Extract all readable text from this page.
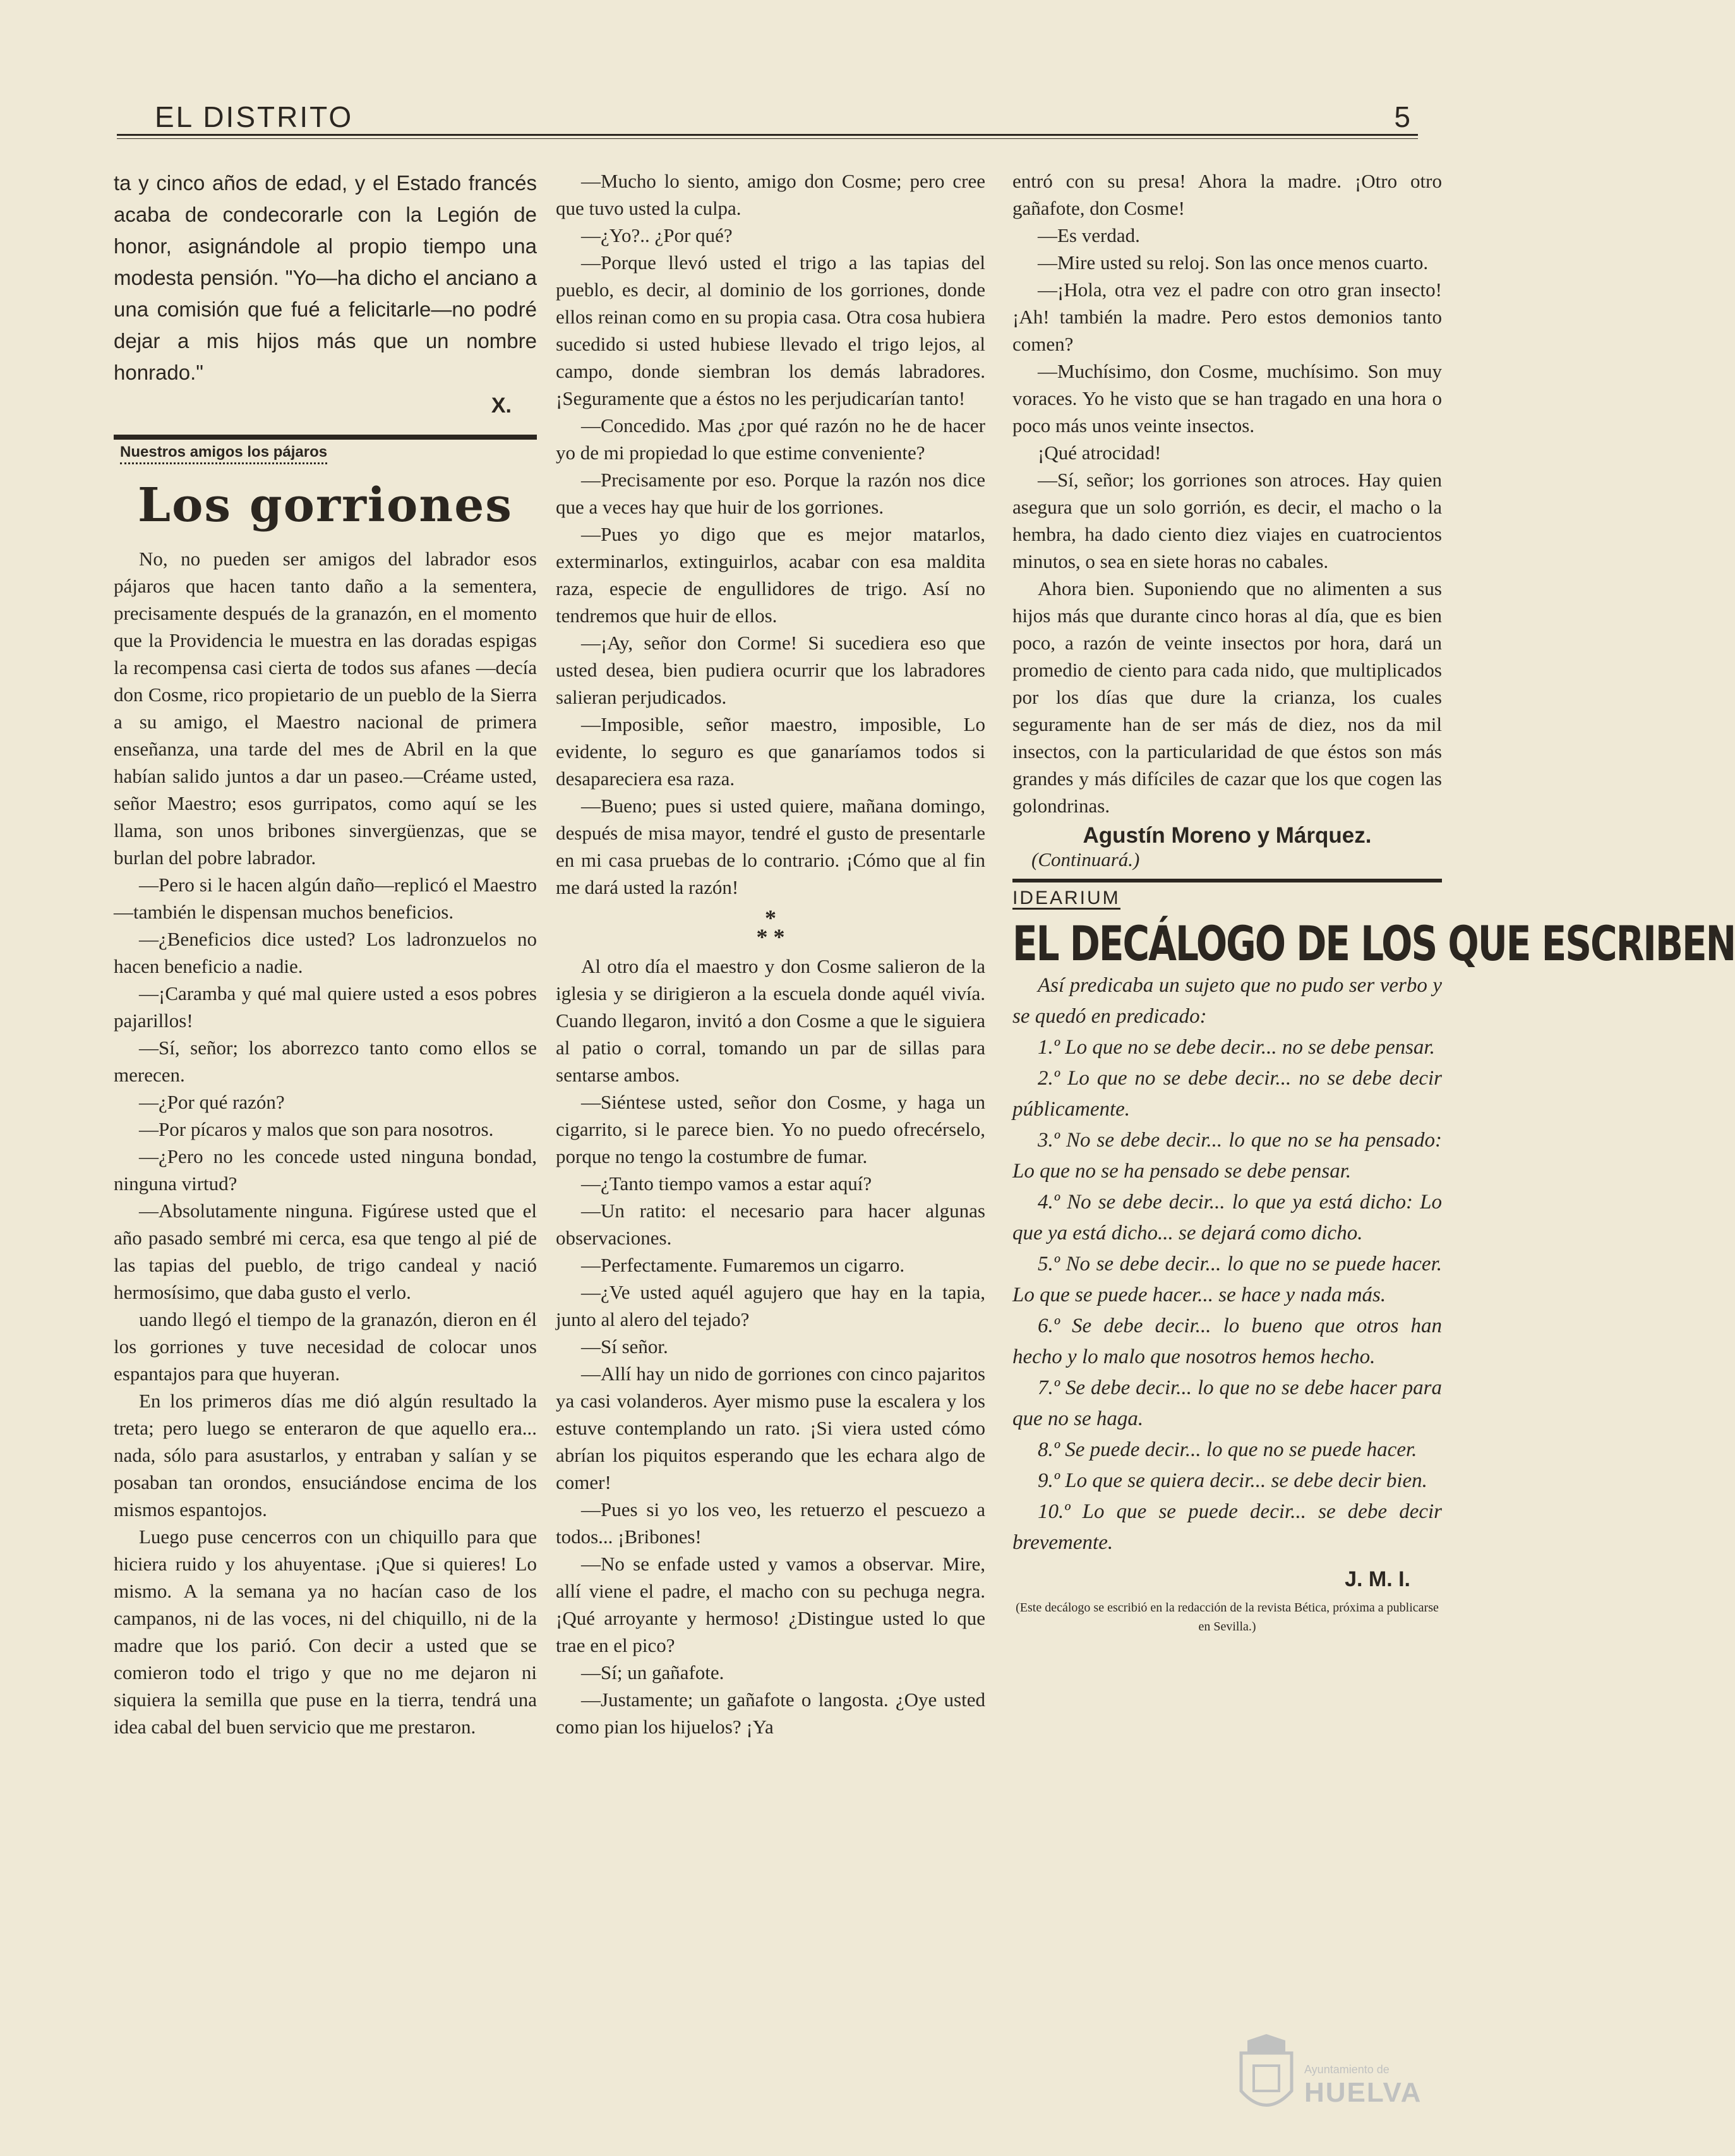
EL DISTRITO	5

ta y cinco años de edad, y el Estado francés acaba de condecorarle con la Legión de honor, asignándole al propio tiempo una modesta pensión. "Yo—ha dicho el anciano a una comisión que fué a felicitarle—no podré dejar a mis hijos más que un nombre honrado."

X.
Nuestros amigos los pájaros
Los gorriones

No, no pueden ser amigos del labrador esos pájaros que hacen tanto daño a la sementera, precisamente después de la granazón, en el momento que la Providencia le muestra en las doradas espigas la recompensa casi cierta de todos sus afanes —decía don Cosme, rico propietario de un pueblo de la Sierra a su amigo, el Maestro nacional de primera enseñanza, una tarde del mes de Abril en la que habían salido juntos a dar un paseo.—Créame usted, señor Maestro; esos gurripatos, como aquí se les llama, son unos bribones sinvergüenzas, que se burlan del pobre labrador.

—Pero si le hacen algún daño—replicó el Maestro—también le dispensan muchos beneficios.

—¿Beneficios dice usted? Los ladronzuelos no hacen beneficio a nadie.

—¡Caramba y qué mal quiere usted a esos pobres pajarillos!

—Sí, señor; los aborrezco tanto como ellos se merecen.

—¿Por qué razón?

—Por pícaros y malos que son para nosotros.

—¿Pero no les concede usted ninguna bondad, ninguna virtud?

—Absolutamente ninguna. Figúrese usted que el año pasado sembré mi cerca, esa que tengo al pié de las tapias del pueblo, de trigo candeal y nació hermosísimo, que daba gusto el verlo.

uando llegó el tiempo de la granazón, dieron en él los gorriones y tuve necesidad de colocar unos espantajos para que huyeran.

En los primeros días me dió algún resultado la treta; pero luego se enteraron de que aquello era... nada, sólo para asustarlos, y entraban y salían y se posaban tan orondos, ensuciándose encima de los mismos espantojos.

Luego puse cencerros con un chiquillo para que hiciera ruido y los ahuyentase. ¡Que si quieres! Lo mismo. A la semana ya no hacían caso de los campanos, ni de las voces, ni del chiquillo, ni de la madre que los parió. Con decir a usted que se comieron todo el trigo y que no me dejaron ni siquiera la semilla que puse en la tierra, tendrá una idea cabal del buen servicio que me prestaron.

—Mucho lo siento, amigo don Cosme; pero cree que tuvo usted la culpa.

—¿Yo?.. ¿Por qué?

—Porque llevó usted el trigo a las tapias del pueblo, es decir, al dominio de los gorriones, donde ellos reinan como en su propia casa. Otra cosa hubiera sucedido si usted hubiese llevado el trigo lejos, al campo, donde siembran los demás labradores. ¡Seguramente que a éstos no les perjudicarían tanto!

—Concedido. Mas ¿por qué razón no he de hacer yo de mi propiedad lo que estime conveniente?

—Precisamente por eso. Porque la razón nos dice que a veces hay que huir de los gorriones.

—Pues yo digo que es mejor matarlos, exterminarlos, extinguirlos, acabar con esa maldita raza, especie de engullidores de trigo. Así no tendremos que huir de ellos.

—¡Ay, señor don Corme! Si sucediera eso que usted desea, bien pudiera ocurrir que los labradores salieran perjudicados.

—Imposible, señor maestro, imposible, Lo evidente, lo seguro es que ganaríamos todos si desapareciera esa raza.

—Bueno; pues si usted quiere, mañana domingo, después de misa mayor, tendré el gusto de presentarle en mi casa pruebas de lo contrario. ¡Cómo que al fin me dará usted la razón!

*
* *

Al otro día el maestro y don Cosme salieron de la iglesia y se dirigieron a la escuela donde aquél vivía. Cuando llegaron, invitó a don Cosme a que le siguiera al patio o corral, tomando un par de sillas para sentarse ambos.

—Siéntese usted, señor don Cosme, y haga un cigarrito, si le parece bien. Yo no puedo ofrecérselo, porque no tengo la costumbre de fumar.

—¿Tanto tiempo vamos a estar aquí?

—Un ratito: el necesario para hacer algunas observaciones.

—Perfectamente. Fumaremos un cigarro.

—¿Ve usted aquél agujero que hay en la tapia, junto al alero del tejado?

—Sí señor.

—Allí hay un nido de gorriones con cinco pajaritos ya casi volanderos. Ayer mismo puse la escalera y los estuve contemplando un rato. ¡Si viera usted cómo abrían los piquitos esperando que les echara algo de comer!

—Pues si yo los veo, les retuerzo el pescuezo a todos... ¡Bribones!

—No se enfade usted y vamos a observar. Mire, allí viene el padre, el macho con su pechuga negra. ¡Qué arroyante y hermoso! ¿Distingue usted lo que trae en el pico?

—Sí; un gañafote.

—Justamente; un gañafote o langosta. ¿Oye usted como pian los hijuelos? ¡Ya

entró con su presa! Ahora la madre. ¡Otro otro gañafote, don Cosme!

—Es verdad.

—Mire usted su reloj. Son las once menos cuarto.

—¡Hola, otra vez el padre con otro gran insecto! ¡Ah! también la madre. Pero estos demonios tanto comen?

—Muchísimo, don Cosme, muchísimo. Son muy voraces. Yo he visto que se han tragado en una hora o poco más unos veinte insectos.

¡Qué atrocidad!

—Sí, señor; los gorriones son atroces. Hay quien asegura que un solo gorrión, es decir, el macho o la hembra, ha dado ciento diez viajes en cuatrocientos minutos, o sea en siete horas no cabales.

Ahora bien. Suponiendo que no alimenten a sus hijos más que durante cinco horas al día, que es bien poco, a razón de veinte insectos por hora, dará un promedio de ciento para cada nido, que multiplicados por los días que dure la crianza, los cuales seguramente han de ser más de diez, nos da mil insectos, con la particularidad de que éstos son más grandes y más difíciles de cazar que los que cogen las golondrinas.

Agustín Moreno y Márquez.
(Continuará.)
IDEARIUM
EL DECÁLOGO DE LOS QUE ESCRIBEN

Así predicaba un sujeto que no pudo ser verbo y se quedó en predicado:

1.º Lo que no se debe decir... no se debe pensar.

2.º Lo que no se debe decir... no se debe decir públicamente.

3.º No se debe decir... lo que no se ha pensado: Lo que no se ha pensado se debe pensar.

4.º No se debe decir... lo que ya está dicho: Lo que ya está dicho... se dejará como dicho.

5.º No se debe decir... lo que no se puede hacer. Lo que se puede hacer... se hace y nada más.

6.º Se debe decir... lo bueno que otros han hecho y lo malo que nosotros hemos hecho.

7.º Se debe decir... lo que no se debe hacer para que no se haga.

8.º Se puede decir... lo que no se puede hacer.

9.º Lo que se quiera decir... se debe decir bien.

10.º Lo que se puede decir... se debe decir brevemente.

J. M. I.
(Este decálogo se escribió en la redacción de la revista Bética, próxima a publicarse en Sevilla.)
Ayuntamiento de
HUELVA
